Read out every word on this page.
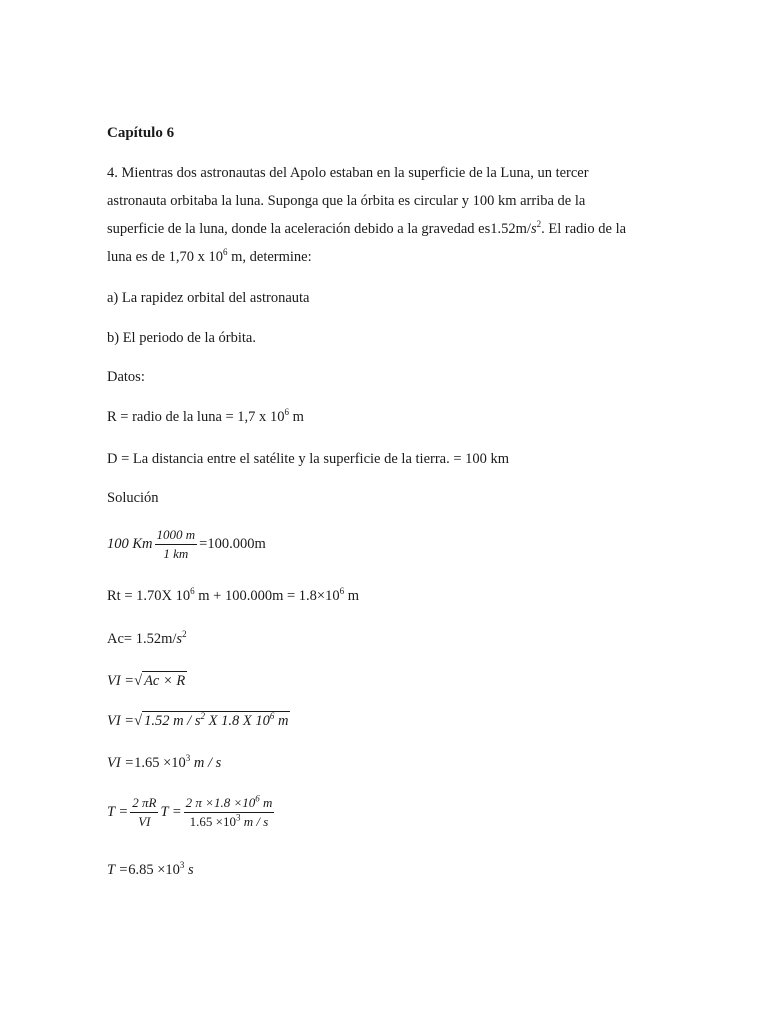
Capítulo 6
4. Mientras dos astronautas del Apolo estaban en la superficie de la Luna, un tercer
astronauta orbitaba la luna. Suponga que la órbita es circular y 100 km arriba de la
superficie de la luna, donde la aceleración debido a la gravedad $es1.52m/s^2$. El radio de la
luna es de 1,70 x $10^6$ m, determine:
a) La rapidez orbital del astronauta
b) El periodo de la órbita.
Datos:
R = radio de la luna = 1,7 x $10^6$ m
D = La distancia entre el satélite y la superficie de la tierra. = 100 km
Solución
100 Km $\frac{1000 m}{1 km} =100.000m$
Rt = 1.70X $10^6$ $m + 100.000m = 1.8\times 10^6$ m
$Ac= 1.52m/s^2$
VI =√ Ac × R
VI =√ 1.52 m / $s^2$ X 1.8 X $10^6$ m
VI $=1.65 \times 10^3$ m / s
$T = \frac{2 \pi R}{VI}$ $T = \frac{2 \pi \times 1.8 \times 10^6 m}{1.65 \times 10^3 m / s}$
$T =6.85 \times 10^3$ s
